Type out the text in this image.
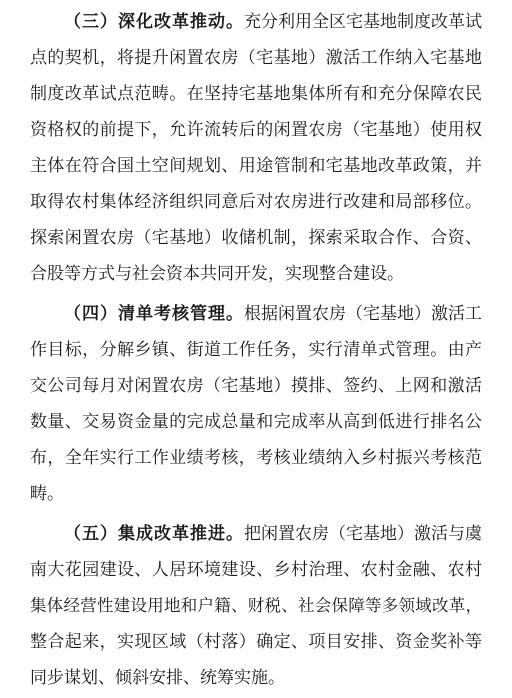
（三）深化改革推动。充分利用全区宅基地制度改革试
点的契机，将提升闲置农房（宅基地）激活工作纳入宅基地
制度改革试点范畴。在坚持宅基地集体所有和充分保障农民
资格权的前提下，允许流转后的闲置农房（宅基地）使用权
主体在符合国土空间规划、用途管制和宅基地改革政策，并
取得农村集体经济组织同意后对农房进行改建和局部移位。
探索闲置农房（宅基地）收储机制，探索采取合作、合资、
合股等方式与社会资本共同开发，实现整合建设。
（四）清单考核管理。根据闲置农房（宅基地）激活工
作目标，分解乡镇、街道工作任务，实行清单式管理。由产
交公司每月对闲置农房（宅基地）摸排、签约、上网和激活
数量、交易资金量的完成总量和完成率从高到低进行排名公
布，全年实行工作业绩考核，考核业绩纳入乡村振兴考核范
畴。
（五）集成改革推进。把闲置农房（宅基地）激活与虞
南大花园建设、人居环境建设、乡村治理、农村金融、农村
集体经营性建设用地和户籍、财税、社会保障等多领域改革，
整合起来，实现区域（村落）确定、项目安排、资金奖补等
同步谋划、倾斜安排、统筹实施。
